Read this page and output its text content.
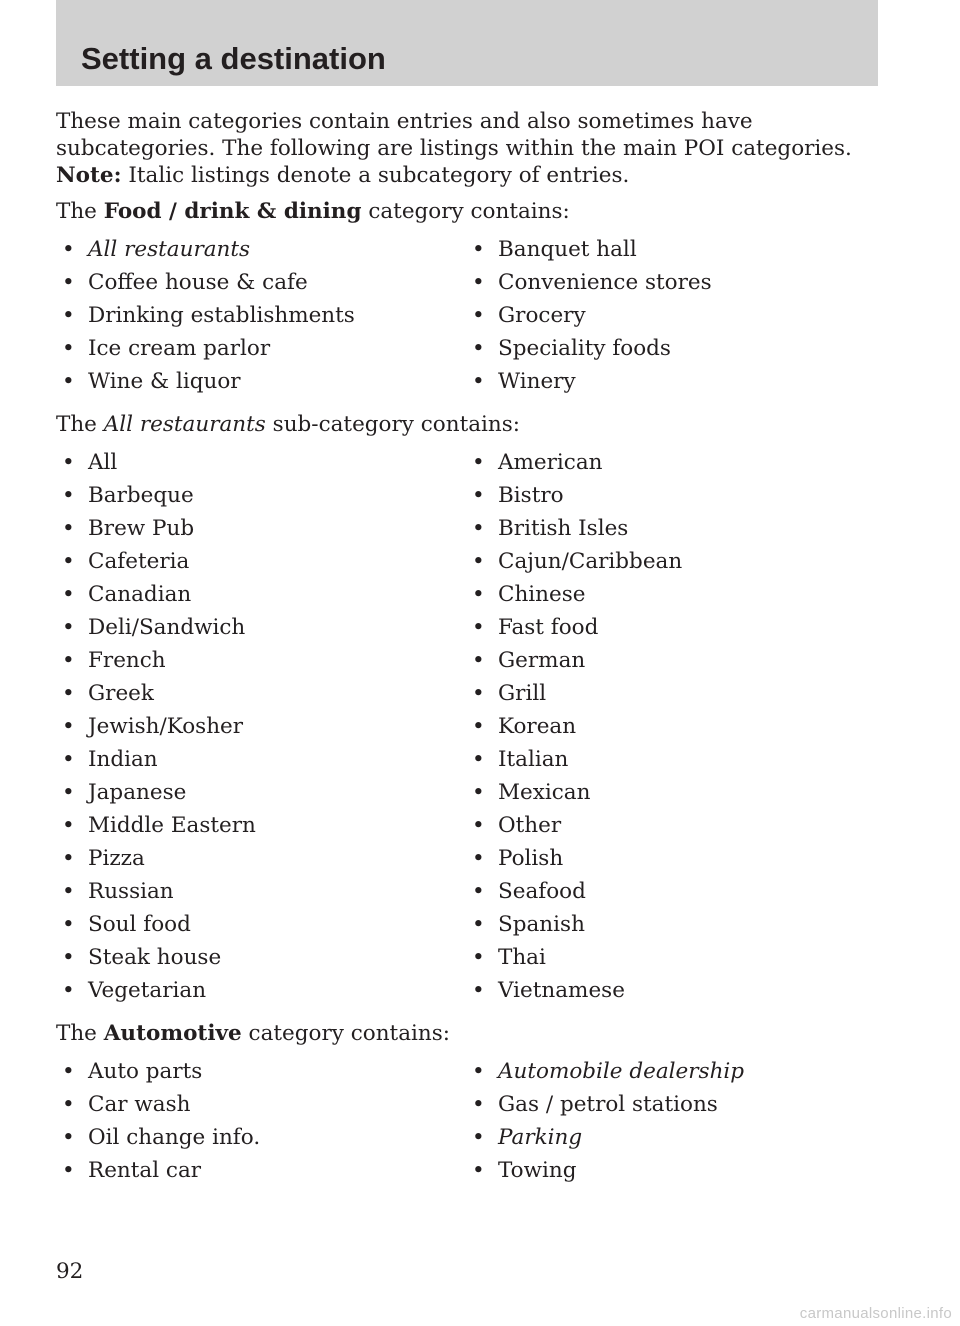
Setting a destination

These main categories contain entries and also sometimes have subcategories. The following are listings within the main POI categories.

Note: Italic listings denote a subcategory of entries.

The Food / drink & dining category contains:

• All restaurants	• Banquet hall
• Coffee house & cafe	• Convenience stores
• Drinking establishments	• Grocery
• Ice cream parlor	• Speciality foods
• Wine & liquor	• Winery

The All restaurants sub-category contains:

• All	• American
• Barbeque	• Bistro
• Brew Pub	• British Isles
• Cafeteria	• Cajun/Caribbean
• Canadian	• Chinese
• Deli/Sandwich	• Fast food
• French	• German
• Greek	• Grill
• Jewish/Kosher	• Korean
• Indian	• Italian
• Japanese	• Mexican
• Middle Eastern	• Other
• Pizza	• Polish
• Russian	• Seafood
• Soul food	• Spanish
• Steak house	• Thai
• Vegetarian	• Vietnamese

The Automotive category contains:

• Auto parts	• Automobile dealership
• Car wash	• Gas / petrol stations
• Oil change info.	• Parking
• Rental car	• Towing
92
carmanualsonline.info
